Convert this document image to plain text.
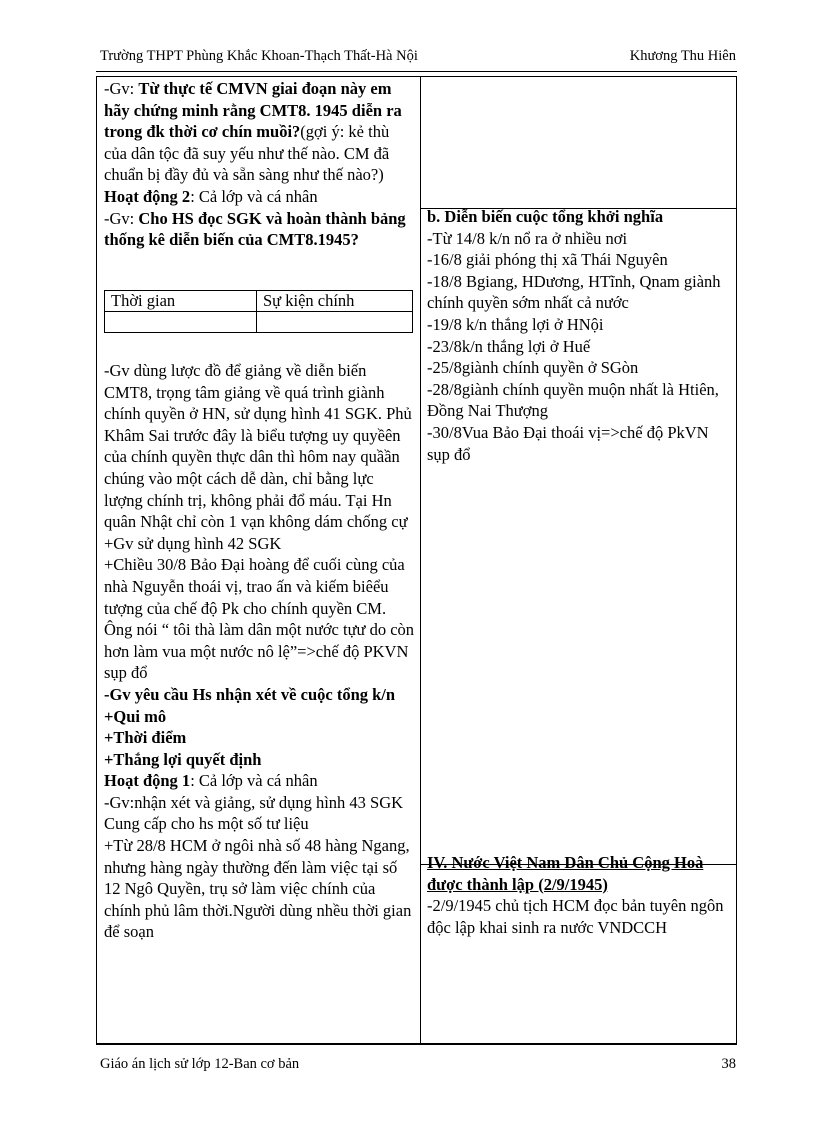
Trường THPT Phùng Khắc Khoan-Thạch Thất-Hà Nội	Khương Thu Hiên

-Gv: Từ thực tế CMVN giai đoạn này em hãy chứng minh rằng CMT8. 1945 diễn ra trong đk thời cơ chín muồi?(gợi ý: kẻ thù của dân tộc đã suy yếu như thế nào. CM đã chuẩn bị đầy đủ và sẵn sàng như thế nào?)

Hoạt động 2: Cả lớp và cá nhân

-Gv: Cho HS đọc SGK và hoàn thành bảng thống kê diễn biến của CMT8.1945?

Thời gian	Sự kiện chính

-Gv dùng lược đồ để giảng về diễn biến CMT8, trọng tâm giảng về quá trình giành chính quyền ở HN, sử dụng hình 41 SGK. Phủ Khâm Sai trước đây là biểu tượng uy quyềên của chính quyền thực dân thì hôm nay quầần chúng vào một cách dễ dàn, chỉ bằng lực lượng chính trị, không phải đổ máu. Tại Hn quân Nhật chỉ còn 1 vạn không dám chống cự

+Gv sử dụng hình 42 SGK

+Chiều 30/8 Bảo Đại hoàng để cuối cùng của nhà Nguyễn thoái vị, trao ấn và kiếm biêểu tượng của chế độ Pk cho chính quyền CM. Ông nói “ tôi thà làm dân một nước tựư do còn hơn làm vua một nước nô lệ”=>chế độ PKVN sụp đổ

-Gv yêu cầu Hs nhận xét về cuộc tổng k/n

+Qui mô

+Thời điểm

+Thắng lợi quyết định

Hoạt động 1: Cả lớp và cá nhân

-Gv:nhận xét và giảng, sử dụng hình 43 SGK

Cung cấp cho hs một số tư liệu

+Từ 28/8 HCM ở ngôi nhà số 48 hàng Ngang, nhưng hàng ngày thường đến làm việc tại số 12 Ngô Quyền, trụ sở làm việc chính của chính phủ lâm thời.Người dùng nhều thời gian để soạn

b. Diễn biến cuộc tổng khởi nghĩa

-Từ 14/8 k/n nổ ra ở nhiều nơi

-16/8 giải phóng thị xã Thái Nguyên

-18/8 Bgiang, HDương, HTĩnh, Qnam giành chính quyền sớm nhất cả nước

-19/8 k/n thắng lợi ở HNội

-23/8k/n thắng lợi ở Huế

-25/8giành chính quyền ở SGòn

-28/8giành chính quyền muộn nhất là Htiên, Đồng Nai Thượng

-30/8Vua Bảo Đại thoái vị=>chế độ PkVN sụp đổ

IV. Nước Việt Nam Dân Chủ Cộng Hoà được thành lập (2/9/1945)

-2/9/1945 chủ tịch HCM đọc bản tuyên ngôn độc lập khai sinh ra nước VNDCCH

Giáo án lịch sử lớp 12-Ban cơ bản	38
